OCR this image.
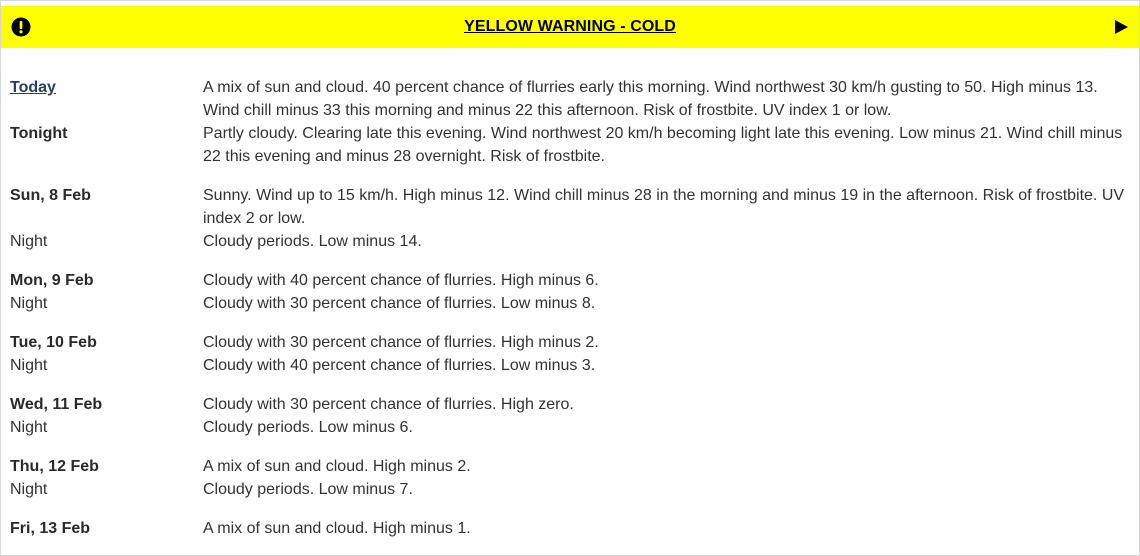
YELLOW WARNING - COLD
Today	A mix of sun and cloud. 40 percent chance of flurries early this morning. Wind northwest 30 km/h gusting to 50. High minus 13. Wind chill minus 33 this morning and minus 22 this afternoon. Risk of frostbite. UV index 1 or low.
Tonight	Partly cloudy. Clearing late this evening. Wind northwest 20 km/h becoming light late this evening. Low minus 21. Wind chill minus 22 this evening and minus 28 overnight. Risk of frostbite.
Sun, 8 Feb	Sunny. Wind up to 15 km/h. High minus 12. Wind chill minus 28 in the morning and minus 19 in the afternoon. Risk of frostbite. UV index 2 or low.
Night	Cloudy periods. Low minus 14.
Mon, 9 Feb	Cloudy with 40 percent chance of flurries. High minus 6.
Night	Cloudy with 30 percent chance of flurries. Low minus 8.
Tue, 10 Feb	Cloudy with 30 percent chance of flurries. High minus 2.
Night	Cloudy with 40 percent chance of flurries. Low minus 3.
Wed, 11 Feb	Cloudy with 30 percent chance of flurries. High zero.
Night	Cloudy periods. Low minus 6.
Thu, 12 Feb	A mix of sun and cloud. High minus 2.
Night	Cloudy periods. Low minus 7.
Fri, 13 Feb	A mix of sun and cloud. High minus 1.
